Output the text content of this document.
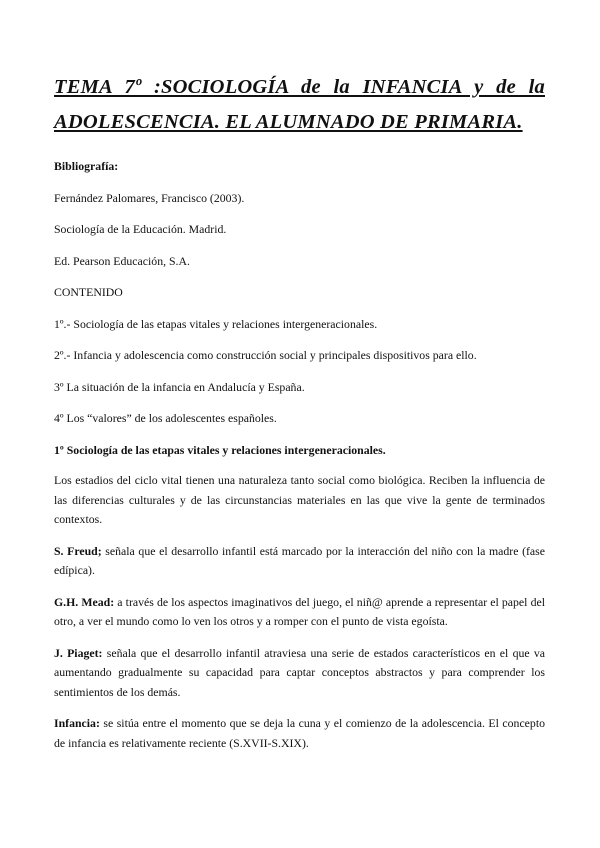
TEMA 7º :SOCIOLOGÍA de la INFANCIA y de la
ADOLESCENCIA. EL ALUMNADO DE PRIMARIA.

Bibliografía:

Fernández Palomares, Francisco (2003).

Sociología de la Educación. Madrid.

Ed. Pearson Educación, S.A.

CONTENIDO

1º.- Sociología de las etapas vitales y relaciones intergeneracionales.

2º.- Infancia y adolescencia como construcción social y principales dispositivos para ello.

3º La situación de la infancia en Andalucía y España.

4º Los “valores” de los adolescentes españoles.

1º Sociología de las etapas vitales y relaciones intergeneracionales.

Los estadios del ciclo vital tienen una naturaleza tanto social como biológica. Reciben la influencia de las diferencias culturales y de las circunstancias materiales en las que vive la gente de terminados contextos.

S. Freud; señala que el desarrollo infantil está marcado por la interacción del niño con la madre (fase edípica).

G.H. Mead: a través de los aspectos imaginativos del juego, el niñ@ aprende a representar el papel del otro, a ver el mundo como lo ven los otros y a romper con el punto de vista egoísta.

J. Piaget: señala que el desarrollo infantil atraviesa una serie de estados característicos en el que va aumentando gradualmente su capacidad para captar conceptos abstractos y para comprender los sentimientos de los demás.

Infancia: se sitúa entre el momento que se deja la cuna y el comienzo de la adolescencia. El concepto de infancia es relativamente reciente (S.XVII-S.XIX).
